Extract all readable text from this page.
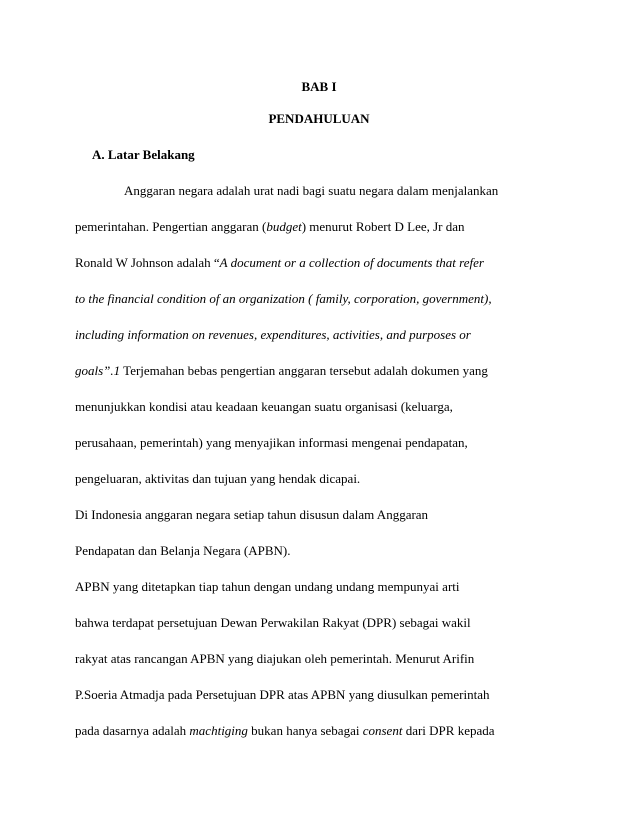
BAB I
PENDAHULUAN
A. Latar Belakang
Anggaran negara adalah urat nadi bagi suatu negara dalam menjalankan
pemerintahan. Pengertian anggaran (budget) menurut Robert D Lee, Jr dan
Ronald W Johnson adalah “A document or a collection of documents that refer
to the financial condition of an organization ( family, corporation, government),
including information on revenues, expenditures, activities, and purposes or
goals”.1 Terjemahan bebas pengertian anggaran tersebut adalah dokumen yang
menunjukkan kondisi atau keadaan keuangan suatu organisasi (keluarga,
perusahaan, pemerintah) yang menyajikan informasi mengenai pendapatan,
pengeluaran, aktivitas dan tujuan yang hendak dicapai.
Di Indonesia anggaran negara setiap tahun disusun dalam Anggaran
Pendapatan dan Belanja Negara (APBN).
APBN yang ditetapkan tiap tahun dengan undang undang mempunyai arti
bahwa terdapat persetujuan Dewan Perwakilan Rakyat (DPR) sebagai wakil
rakyat atas rancangan APBN yang diajukan oleh pemerintah. Menurut Arifin
P.Soeria Atmadja pada Persetujuan DPR atas APBN yang diusulkan pemerintah
pada dasarnya adalah machtiging bukan hanya sebagai consent dari DPR kepada
